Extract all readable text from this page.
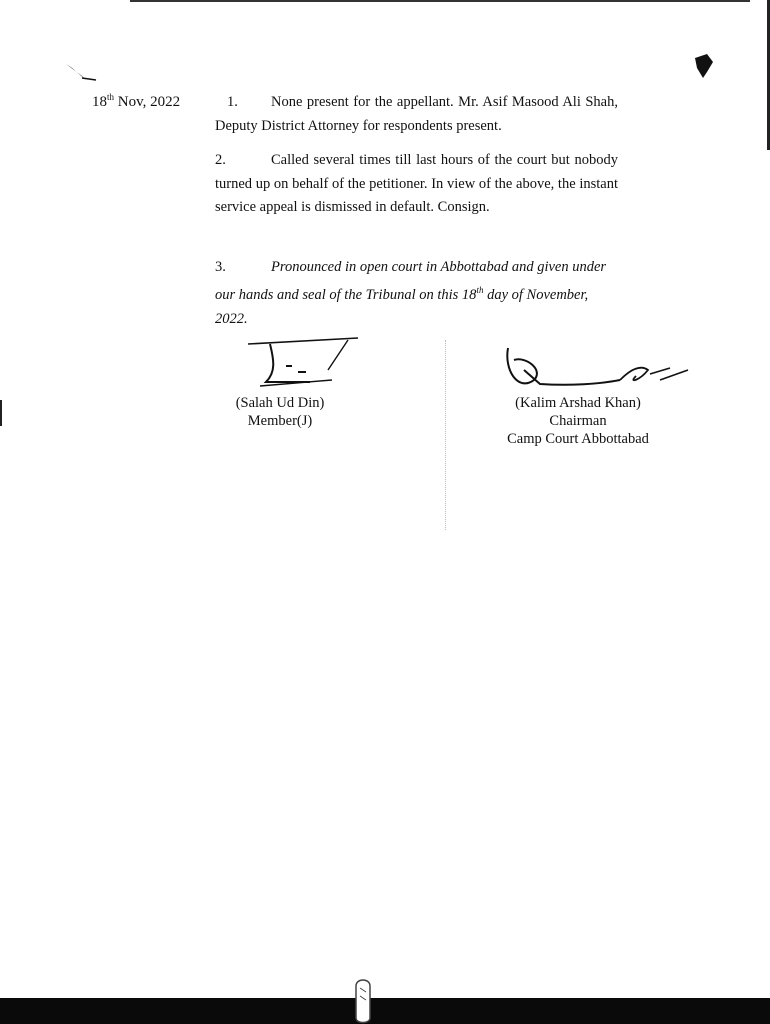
18th Nov, 2022	1. None present for the appellant. Mr. Asif Masood Ali Shah, Deputy District Attorney for respondents present.
2.	Called several times till last hours of the court but nobody turned up on behalf of the petitioner. In view of the above, the instant service appeal is dismissed in default. Consign.
3.	Pronounced in open court in Abbottabad and given under our hands and seal of the Tribunal on this 18th day of November, 2022.
(Salah Ud Din)
Member(J)
(Kalim Arshad Khan)
Chairman
Camp Court Abbottabad
